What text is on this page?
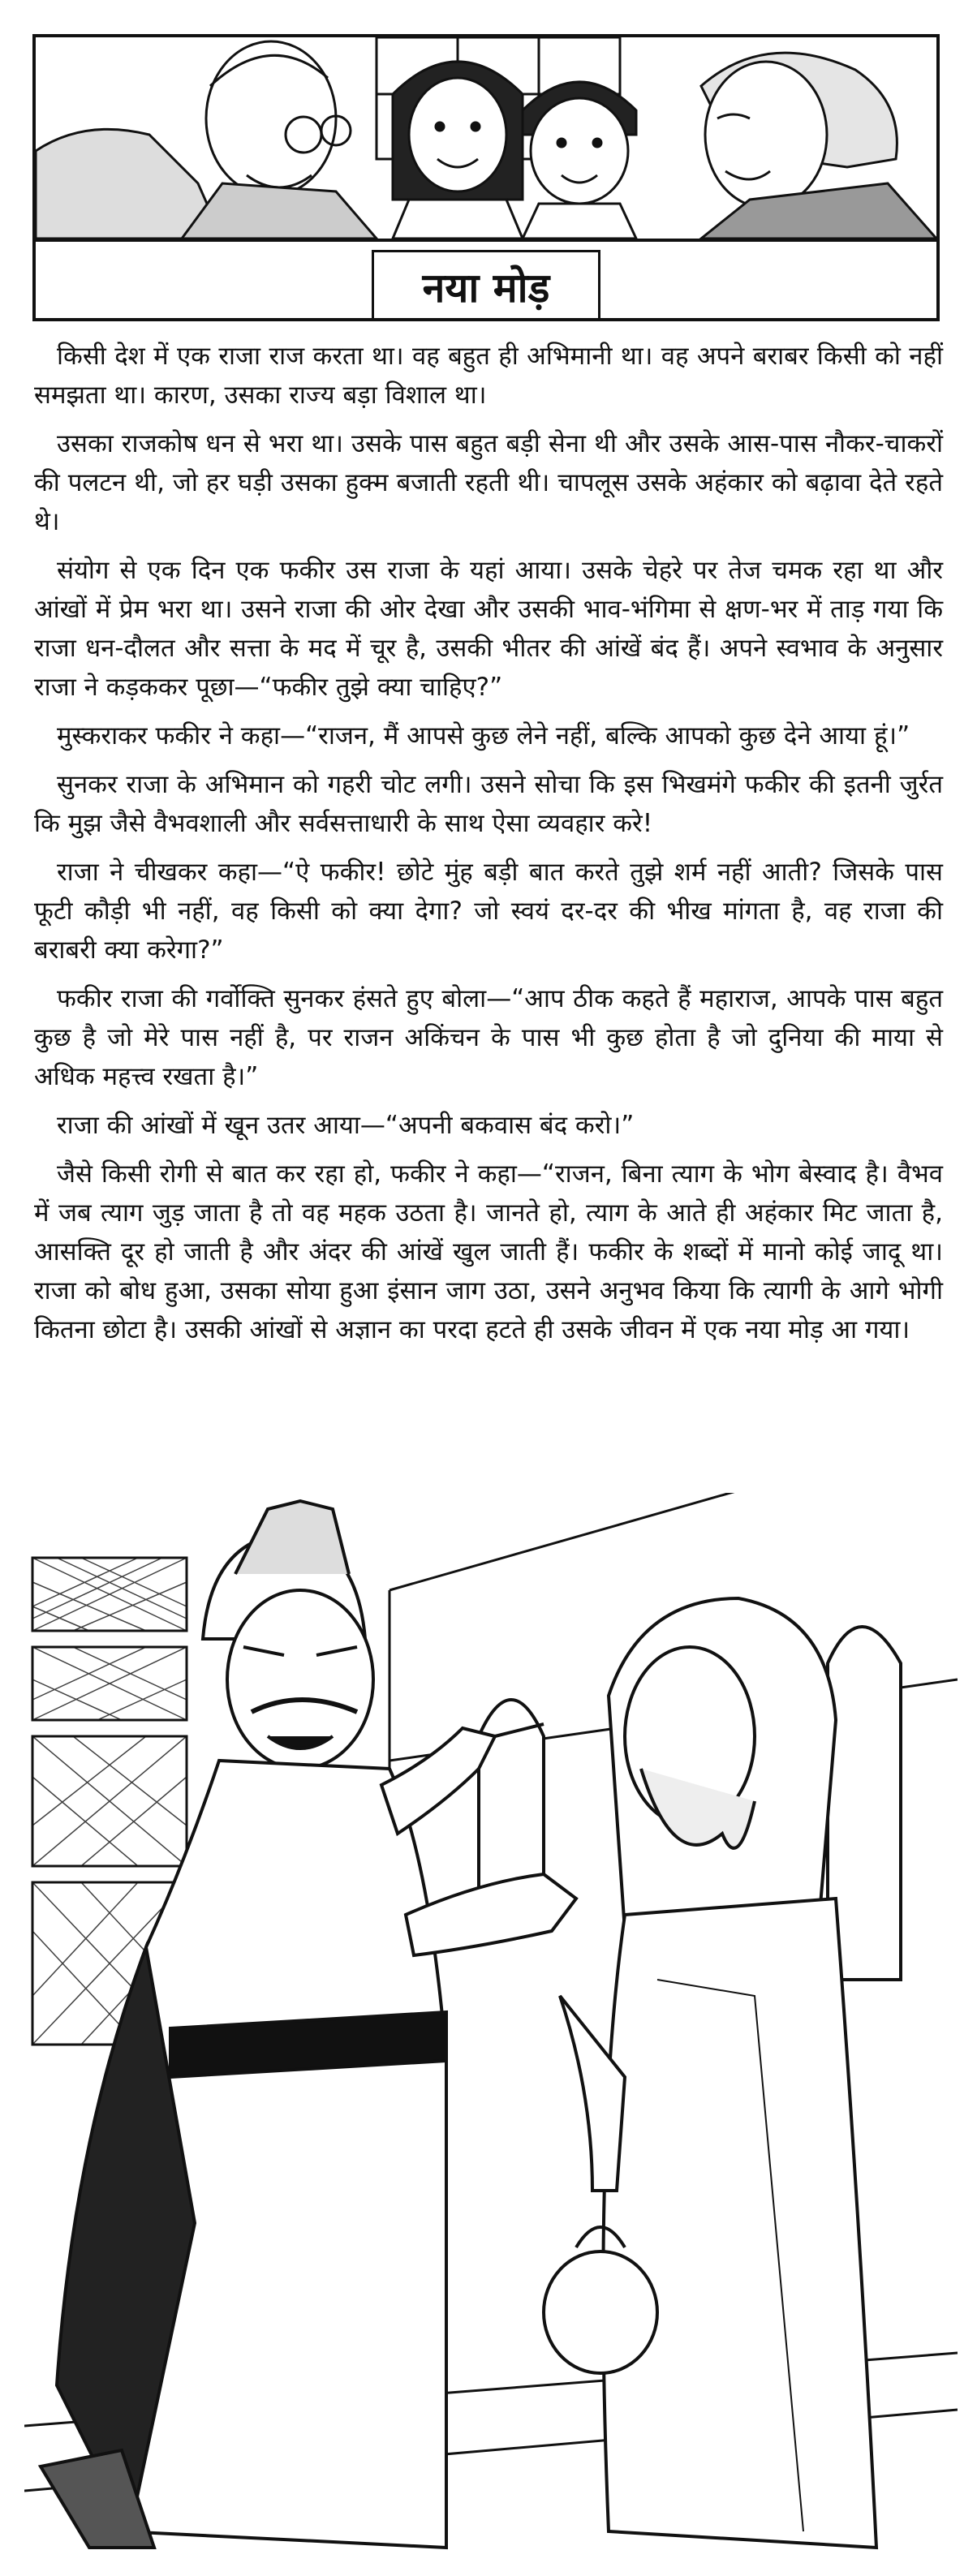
नया मोड़

किसी देश में एक राजा राज करता था। वह बहुत ही अभिमानी था। वह अपने बराबर किसी को नहीं समझता था। कारण, उसका राज्य बड़ा विशाल था।

उसका राजकोष धन से भरा था। उसके पास बहुत बड़ी सेना थी और उसके आस-पास नौकर-चाकरों की पलटन थी, जो हर घड़ी उसका हुक्म बजाती रहती थी। चापलूस उसके अहंकार को बढ़ावा देते रहते थे।

संयोग से एक दिन एक फकीर उस राजा के यहां आया। उसके चेहरे पर तेज चमक रहा था और आंखों में प्रेम भरा था। उसने राजा की ओर देखा और उसकी भाव-भंगिमा से क्षण-भर में ताड़ गया कि राजा धन-दौलत और सत्ता के मद में चूर है, उसकी भीतर की आंखें बंद हैं। अपने स्वभाव के अनुसार राजा ने कड़ककर पूछा—“फकीर तुझे क्या चाहिए?”

मुस्कराकर फकीर ने कहा—“राजन, मैं आपसे कुछ लेने नहीं, बल्कि आपको कुछ देने आया हूं।”

सुनकर राजा के अभिमान को गहरी चोट लगी। उसने सोचा कि इस भिखमंगे फकीर की इतनी जुर्रत कि मुझ जैसे वैभवशाली और सर्वसत्ताधारी के साथ ऐसा व्यवहार करे!

राजा ने चीखकर कहा—“ऐ फकीर! छोटे मुंह बड़ी बात करते तुझे शर्म नहीं आती? जिसके पास फूटी कौड़ी भी नहीं, वह किसी को क्या देगा? जो स्वयं दर-दर की भीख मांगता है, वह राजा की बराबरी क्या करेगा?”

फकीर राजा की गर्वोक्ति सुनकर हंसते हुए बोला—“आप ठीक कहते हैं महाराज, आपके पास बहुत कुछ है जो मेरे पास नहीं है, पर राजन अकिंचन के पास भी कुछ होता है जो दुनिया की माया से अधिक महत्त्व रखता है।”

राजा की आंखों में खून उतर आया—“अपनी बकवास बंद करो।”

जैसे किसी रोगी से बात कर रहा हो, फकीर ने कहा—“राजन, बिना त्याग के भोग बेस्वाद है। वैभव में जब त्याग जुड़ जाता है तो वह महक उठता है। जानते हो, त्याग के आते ही अहंकार मिट जाता है, आसक्ति दूर हो जाती है और अंदर की आंखें खुल जाती हैं। फकीर के शब्दों में मानो कोई जादू था। राजा को बोध हुआ, उसका सोया हुआ इंसान जाग उठा, उसने अनुभव किया कि त्यागी के आगे भोगी कितना छोटा है। उसकी आंखों से अज्ञान का परदा हटते ही उसके जीवन में एक नया मोड़ आ गया।
